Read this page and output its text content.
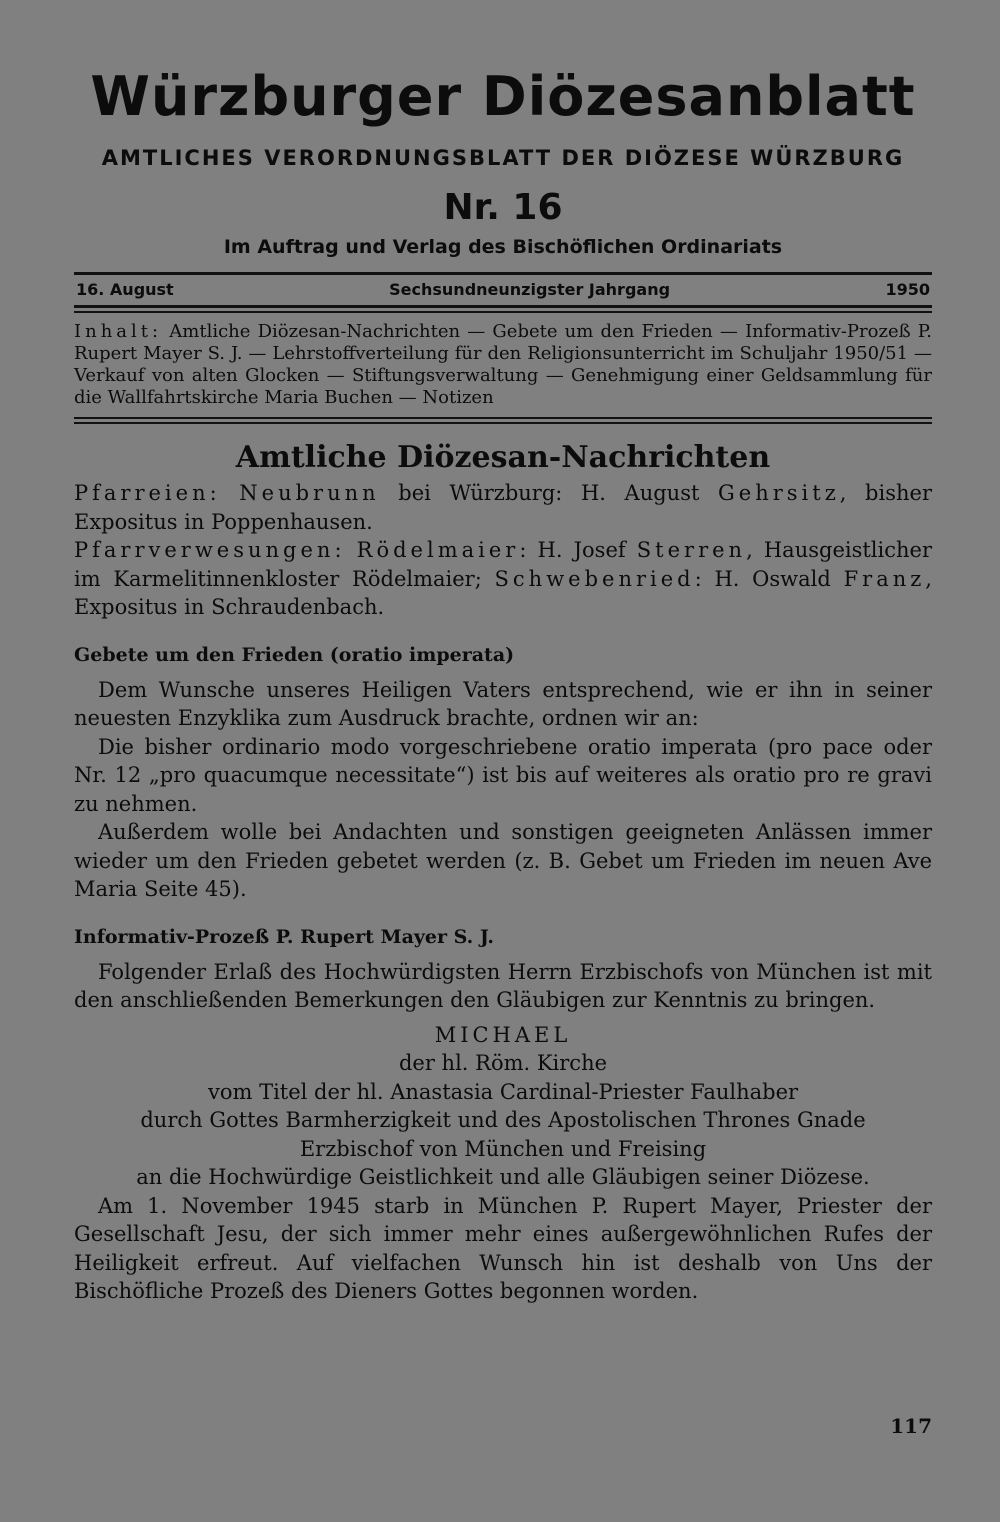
Würzburger Diözesanblatt
AMTLICHES VERORDNUNGSBLATT DER DIÖZESE WÜRZBURG
Nr. 16
Im Auftrag und Verlag des Bischöflichen Ordinariats
16. August	Sechsundneunzigster Jahrgang	1950
Inhalt: Amtliche Diözesan-Nachrichten — Gebete um den Frieden — Informativ-Prozeß P. Rupert Mayer S. J. — Lehrstoffverteilung für den Religionsunterricht im Schuljahr 1950/51 — Verkauf von alten Glocken — Stiftungsverwaltung — Genehmigung einer Geldsammlung für die Wallfahrtskirche Maria Buchen — Notizen
Amtliche Diözesan-Nachrichten

Pfarreien: Neubrunn bei Würzburg: H. August Gehrsitz, bisher Expositus in Poppenhausen.

Pfarrverwesungen: Rödelmaier: H. Josef Sterren, Hausgeistlicher im Karmelitinnenkloster Rödelmaier; Schwebenried: H. Oswald Franz, Expositus in Schraudenbach.

Gebete um den Frieden (oratio imperata)

Dem Wunsche unseres Heiligen Vaters entsprechend, wie er ihn in seiner neuesten Enzyklika zum Ausdruck brachte, ordnen wir an:

Die bisher ordinario modo vorgeschriebene oratio imperata (pro pace oder Nr. 12 „pro quacumque necessitate“) ist bis auf weiteres als oratio pro re gravi zu nehmen.

Außerdem wolle bei Andachten und sonstigen geeigneten Anlässen immer wieder um den Frieden gebetet werden (z. B. Gebet um Frieden im neuen Ave Maria Seite 45).

Informativ-Prozeß P. Rupert Mayer S. J.

Folgender Erlaß des Hochwürdigsten Herrn Erzbischofs von München ist mit den anschließenden Bemerkungen den Gläubigen zur Kenntnis zu bringen.

MICHAEL

der hl. Röm. Kirche

vom Titel der hl. Anastasia Cardinal-Priester Faulhaber

durch Gottes Barmherzigkeit und des Apostolischen Thrones Gnade

Erzbischof von München und Freising

an die Hochwürdige Geistlichkeit und alle Gläubigen seiner Diözese.

Am 1. November 1945 starb in München P. Rupert Mayer, Priester der Gesellschaft Jesu, der sich immer mehr eines außergewöhnlichen Rufes der Heiligkeit erfreut. Auf vielfachen Wunsch hin ist deshalb von Uns der Bischöfliche Prozeß des Dieners Gottes begonnen worden.

117
